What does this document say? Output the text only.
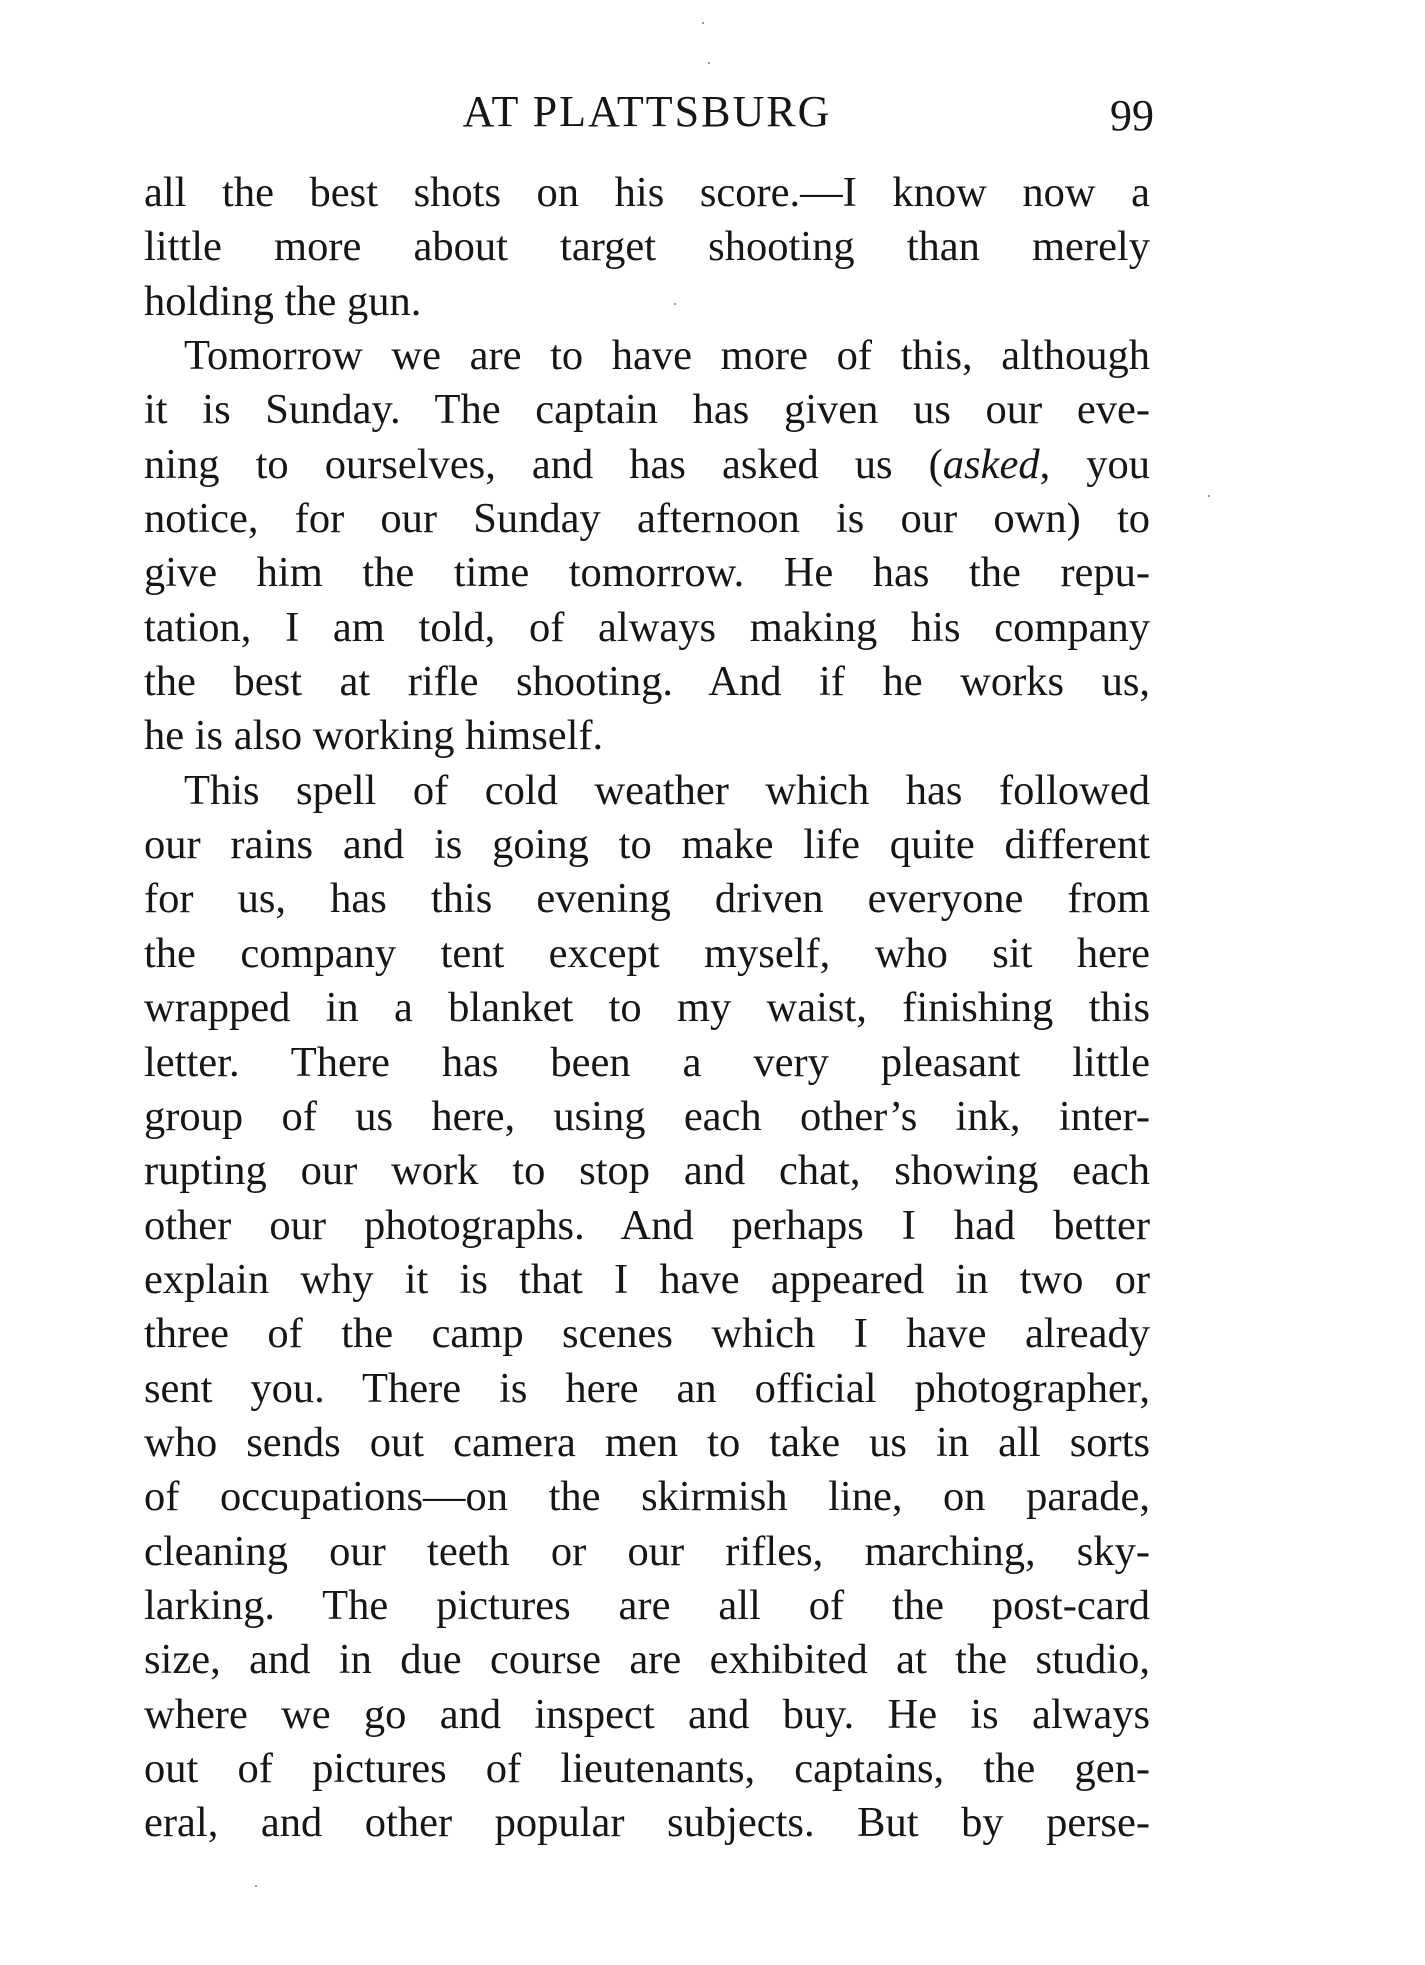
AT PLATTSBURG	99
all the best shots on his score.—I know now a
little more about target shooting than merely
holding the gun.
Tomorrow we are to have more of this, although
it is Sunday. The captain has given us our eve-
ning to ourselves, and has asked us (asked, you
notice, for our Sunday afternoon is our own) to
give him the time tomorrow. He has the repu-
tation, I am told, of always making his company
the best at rifle shooting. And if he works us,
he is also working himself.
This spell of cold weather which has followed
our rains and is going to make life quite different
for us, has this evening driven everyone from
the company tent except myself, who sit here
wrapped in a blanket to my waist, finishing this
letter. There has been a very pleasant little
group of us here, using each other’s ink, inter-
rupting our work to stop and chat, showing each
other our photographs. And perhaps I had better
explain why it is that I have appeared in two or
three of the camp scenes which I have already
sent you. There is here an official photographer,
who sends out camera men to take us in all sorts
of occupations—on the skirmish line, on parade,
cleaning our teeth or our rifles, marching, sky-
larking. The pictures are all of the post-card
size, and in due course are exhibited at the studio,
where we go and inspect and buy. He is always
out of pictures of lieutenants, captains, the gen-
eral, and other popular subjects. But by perse-
